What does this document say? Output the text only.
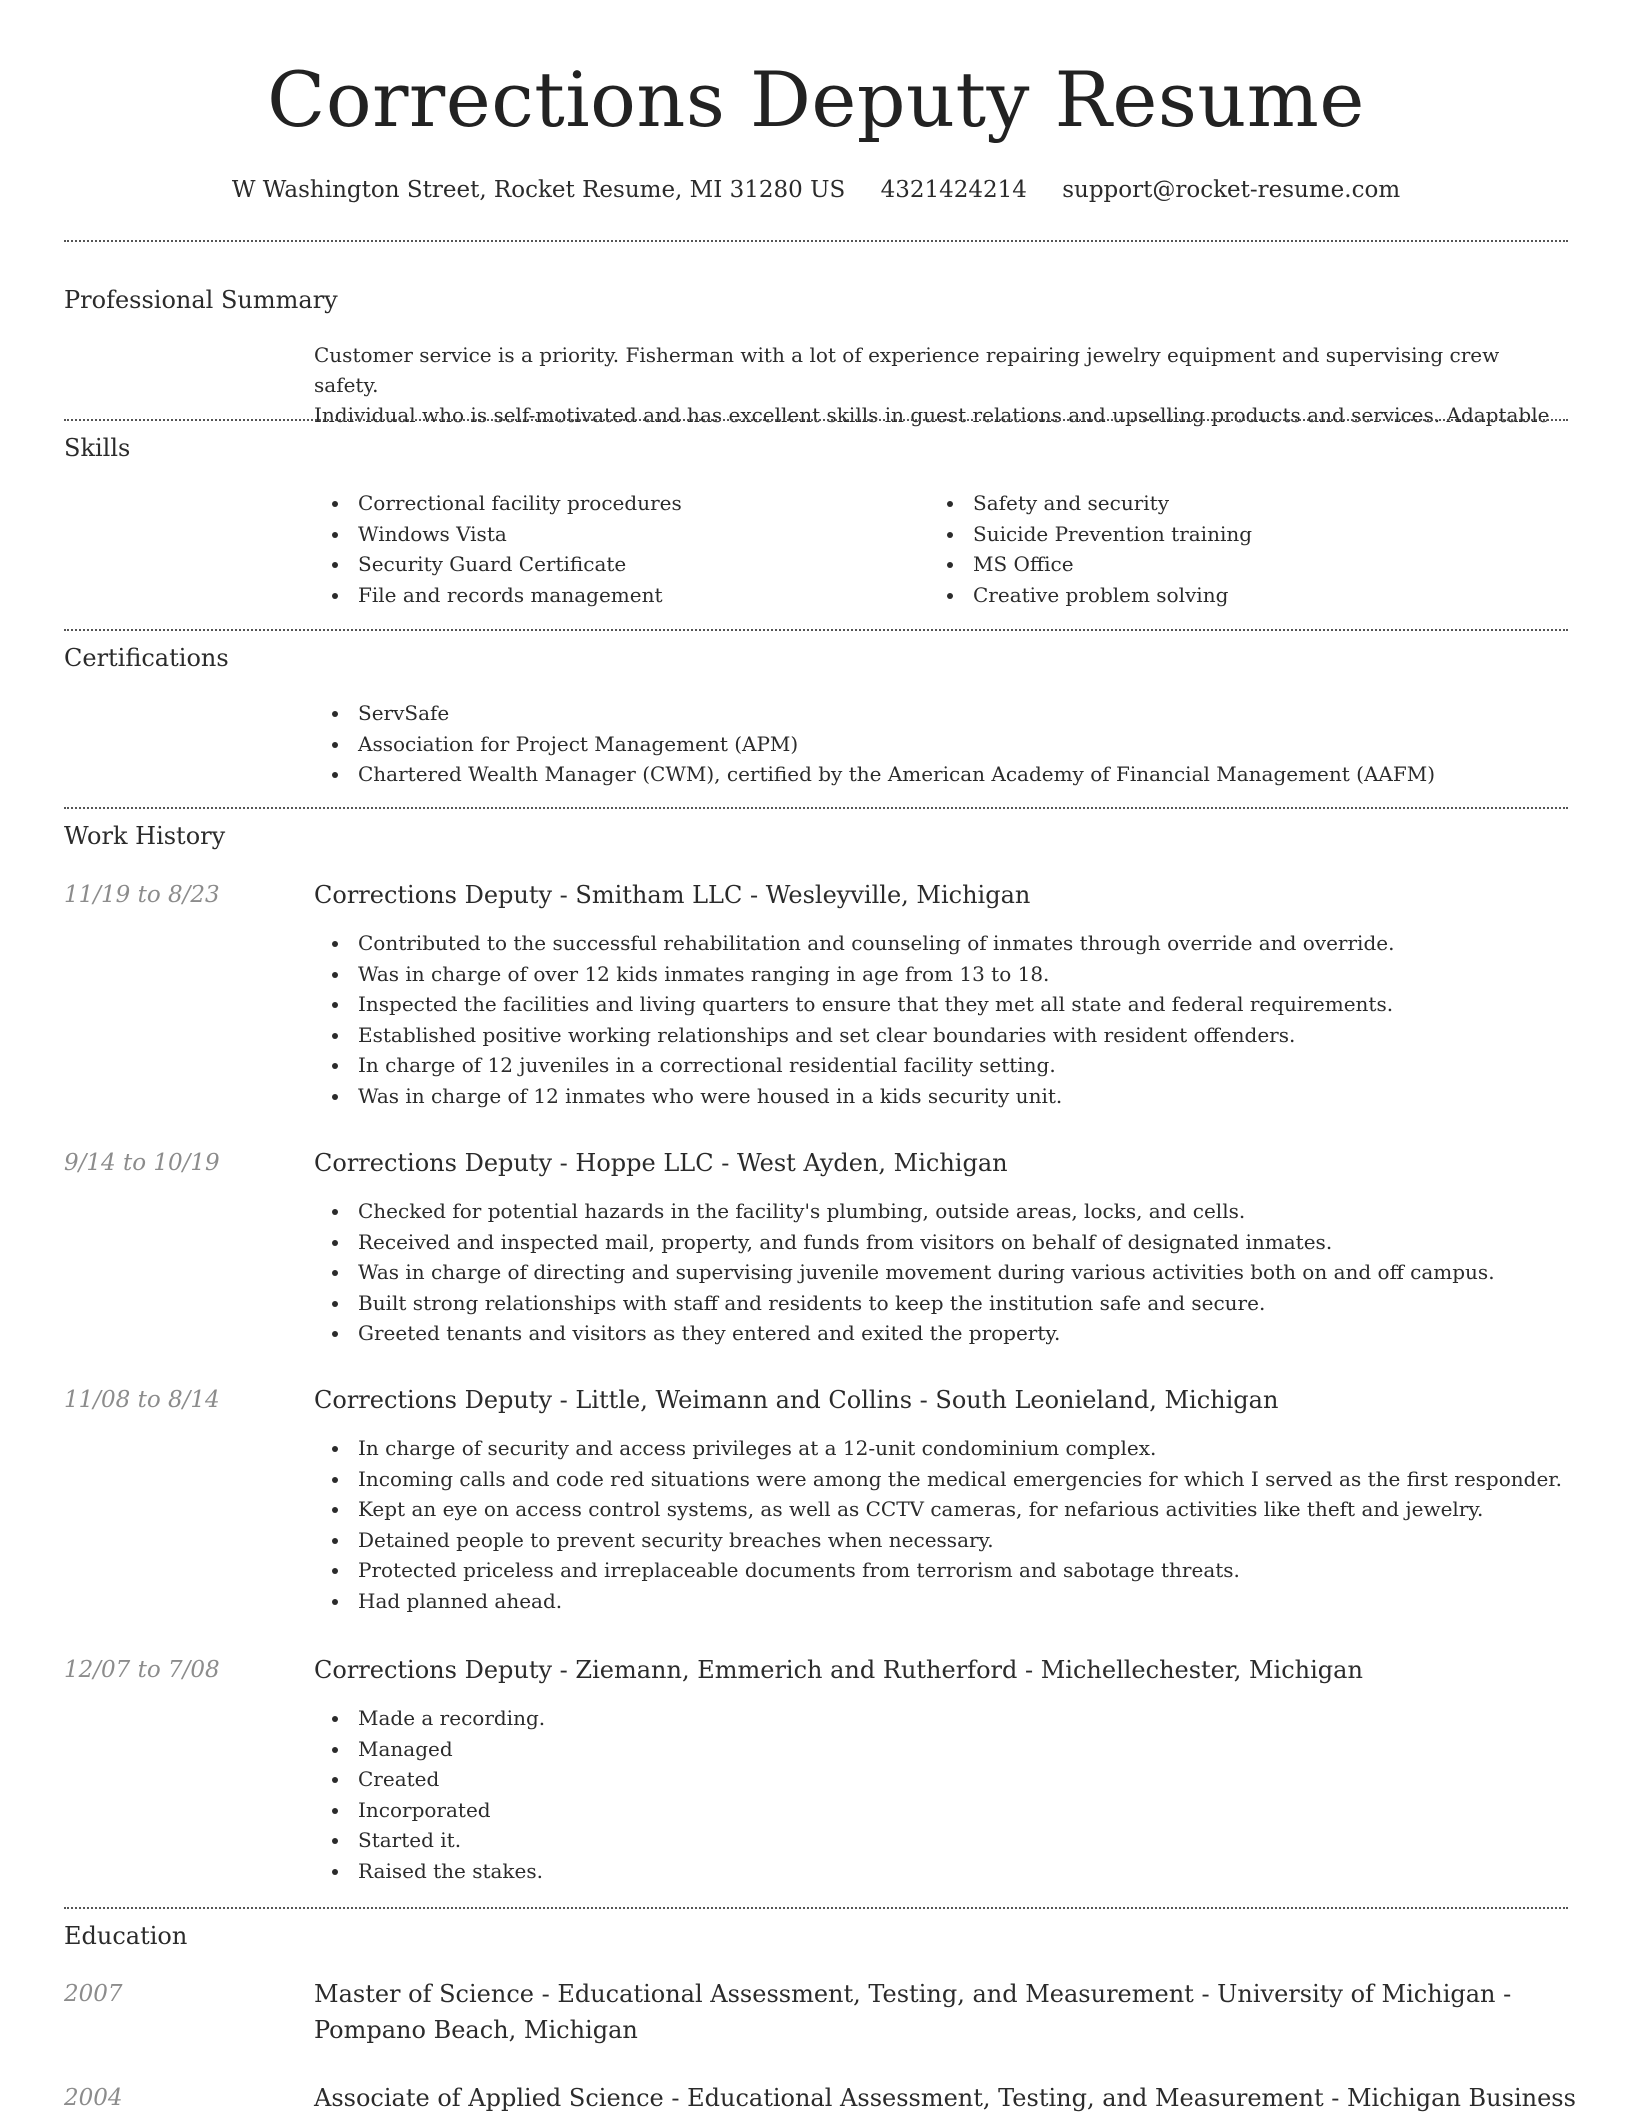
Corrections Deputy Resume
W Washington Street, Rocket Resume, MI 31280 US 4321424214 support@rocket-resume.com
Professional Summary
Customer service is a priority. Fisherman with a lot of experience repairing jewelry equipment and supervising crew safety.
Individual who is self-motivated and has excellent skills in guest relations and upselling products and services. Adaptable
Skills
Correctional facility procedures
Windows Vista
Security Guard Certificate
File and records management
Safety and security
Suicide Prevention training
MS Office
Creative problem solving
Certifications
ServSafe
Association for Project Management (APM)
Chartered Wealth Manager (CWM), certified by the American Academy of Financial Management (AAFM)
Work History
11/19 to 8/23	Corrections Deputy - Smitham LLC - Wesleyville, Michigan
Contributed to the successful rehabilitation and counseling of inmates through override and override.
Was in charge of over 12 kids inmates ranging in age from 13 to 18.
Inspected the facilities and living quarters to ensure that they met all state and federal requirements.
Established positive working relationships and set clear boundaries with resident offenders.
In charge of 12 juveniles in a correctional residential facility setting.
Was in charge of 12 inmates who were housed in a kids security unit.
9/14 to 10/19	Corrections Deputy - Hoppe LLC - West Ayden, Michigan
Checked for potential hazards in the facility's plumbing, outside areas, locks, and cells.
Received and inspected mail, property, and funds from visitors on behalf of designated inmates.
Was in charge of directing and supervising juvenile movement during various activities both on and off campus.
Built strong relationships with staff and residents to keep the institution safe and secure.
Greeted tenants and visitors as they entered and exited the property.
11/08 to 8/14	Corrections Deputy - Little, Weimann and Collins - South Leonieland, Michigan
In charge of security and access privileges at a 12-unit condominium complex.
Incoming calls and code red situations were among the medical emergencies for which I served as the first responder.
Kept an eye on access control systems, as well as CCTV cameras, for nefarious activities like theft and jewelry.
Detained people to prevent security breaches when necessary.
Protected priceless and irreplaceable documents from terrorism and sabotage threats.
Had planned ahead.
12/07 to 7/08	Corrections Deputy - Ziemann, Emmerich and Rutherford - Michellechester, Michigan
Made a recording.
Managed
Created
Incorporated
Started it.
Raised the stakes.
Education
2007	Master of Science - Educational Assessment, Testing, and Measurement - University of Michigan -
Pompano Beach, Michigan
2004	Associate of Applied Science - Educational Assessment, Testing, and Measurement - Michigan Business
